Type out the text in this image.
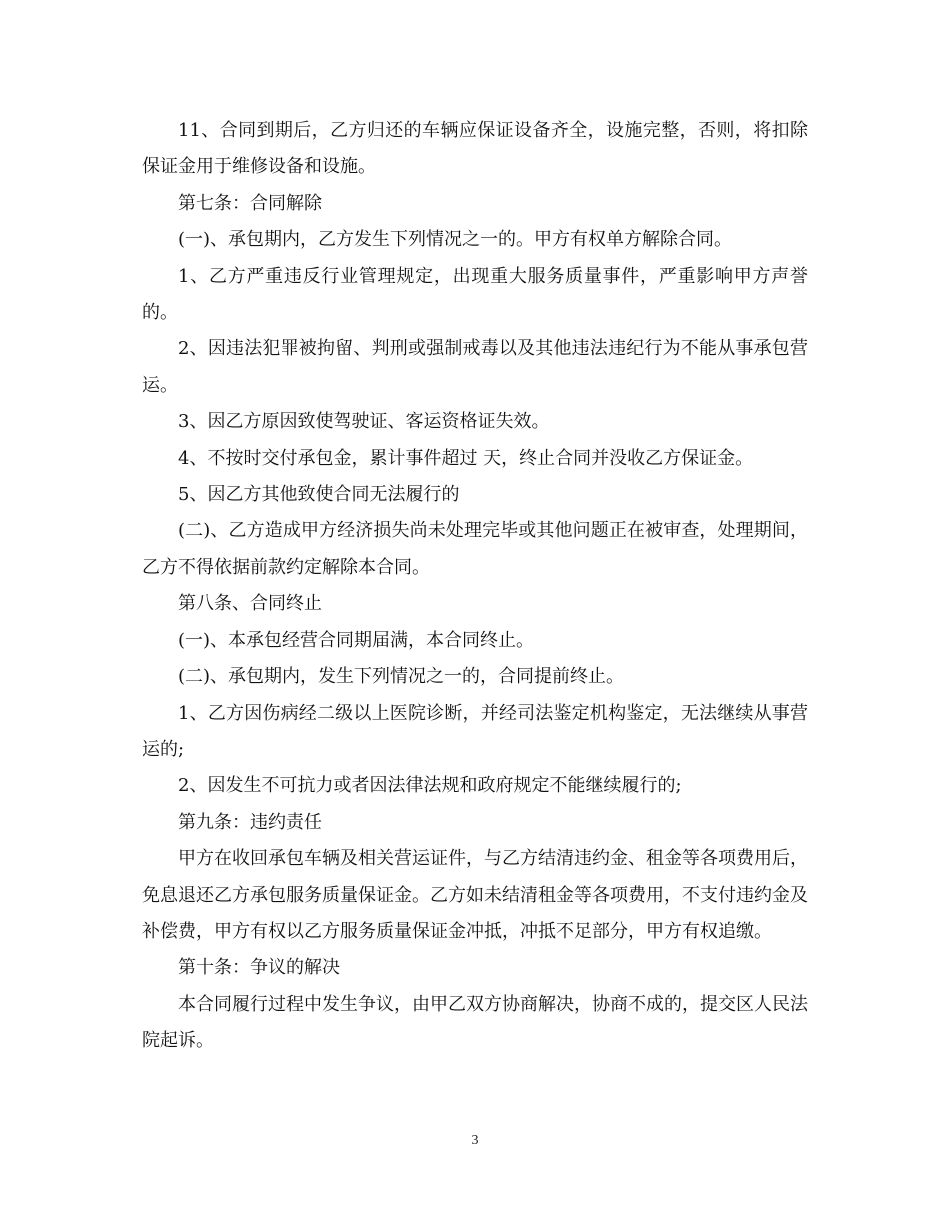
11、合同到期后，乙方归还的车辆应保证设备齐全，设施完整，否则，将扣除保证金用于维修设备和设施。

第七条：合同解除

(一)、承包期内，乙方发生下列情况之一的。甲方有权单方解除合同。

1、乙方严重违反行业管理规定，出现重大服务质量事件，严重影响甲方声誉的。

2、因违法犯罪被拘留、判刑或强制戒毒以及其他违法违纪行为不能从事承包营运。

3、因乙方原因致使驾驶证、客运资格证失效。

4、不按时交付承包金，累计事件超过 天，终止合同并没收乙方保证金。

5、因乙方其他致使合同无法履行的

(二)、乙方造成甲方经济损失尚未处理完毕或其他问题正在被审查，处理期间，乙方不得依据前款约定解除本合同。

第八条、合同终止

(一)、本承包经营合同期届满，本合同终止。

(二)、承包期内，发生下列情况之一的，合同提前终止。

1、乙方因伤病经二级以上医院诊断，并经司法鉴定机构鉴定，无法继续从事营运的;

2、因发生不可抗力或者因法律法规和政府规定不能继续履行的;

第九条：违约责任

甲方在收回承包车辆及相关营运证件，与乙方结清违约金、租金等各项费用后，免息退还乙方承包服务质量保证金。乙方如未结清租金等各项费用，不支付违约金及补偿费，甲方有权以乙方服务质量保证金冲抵，冲抵不足部分，甲方有权追缴。

第十条：争议的解决

本合同履行过程中发生争议，由甲乙双方协商解决，协商不成的，提交区人民法院起诉。

3
